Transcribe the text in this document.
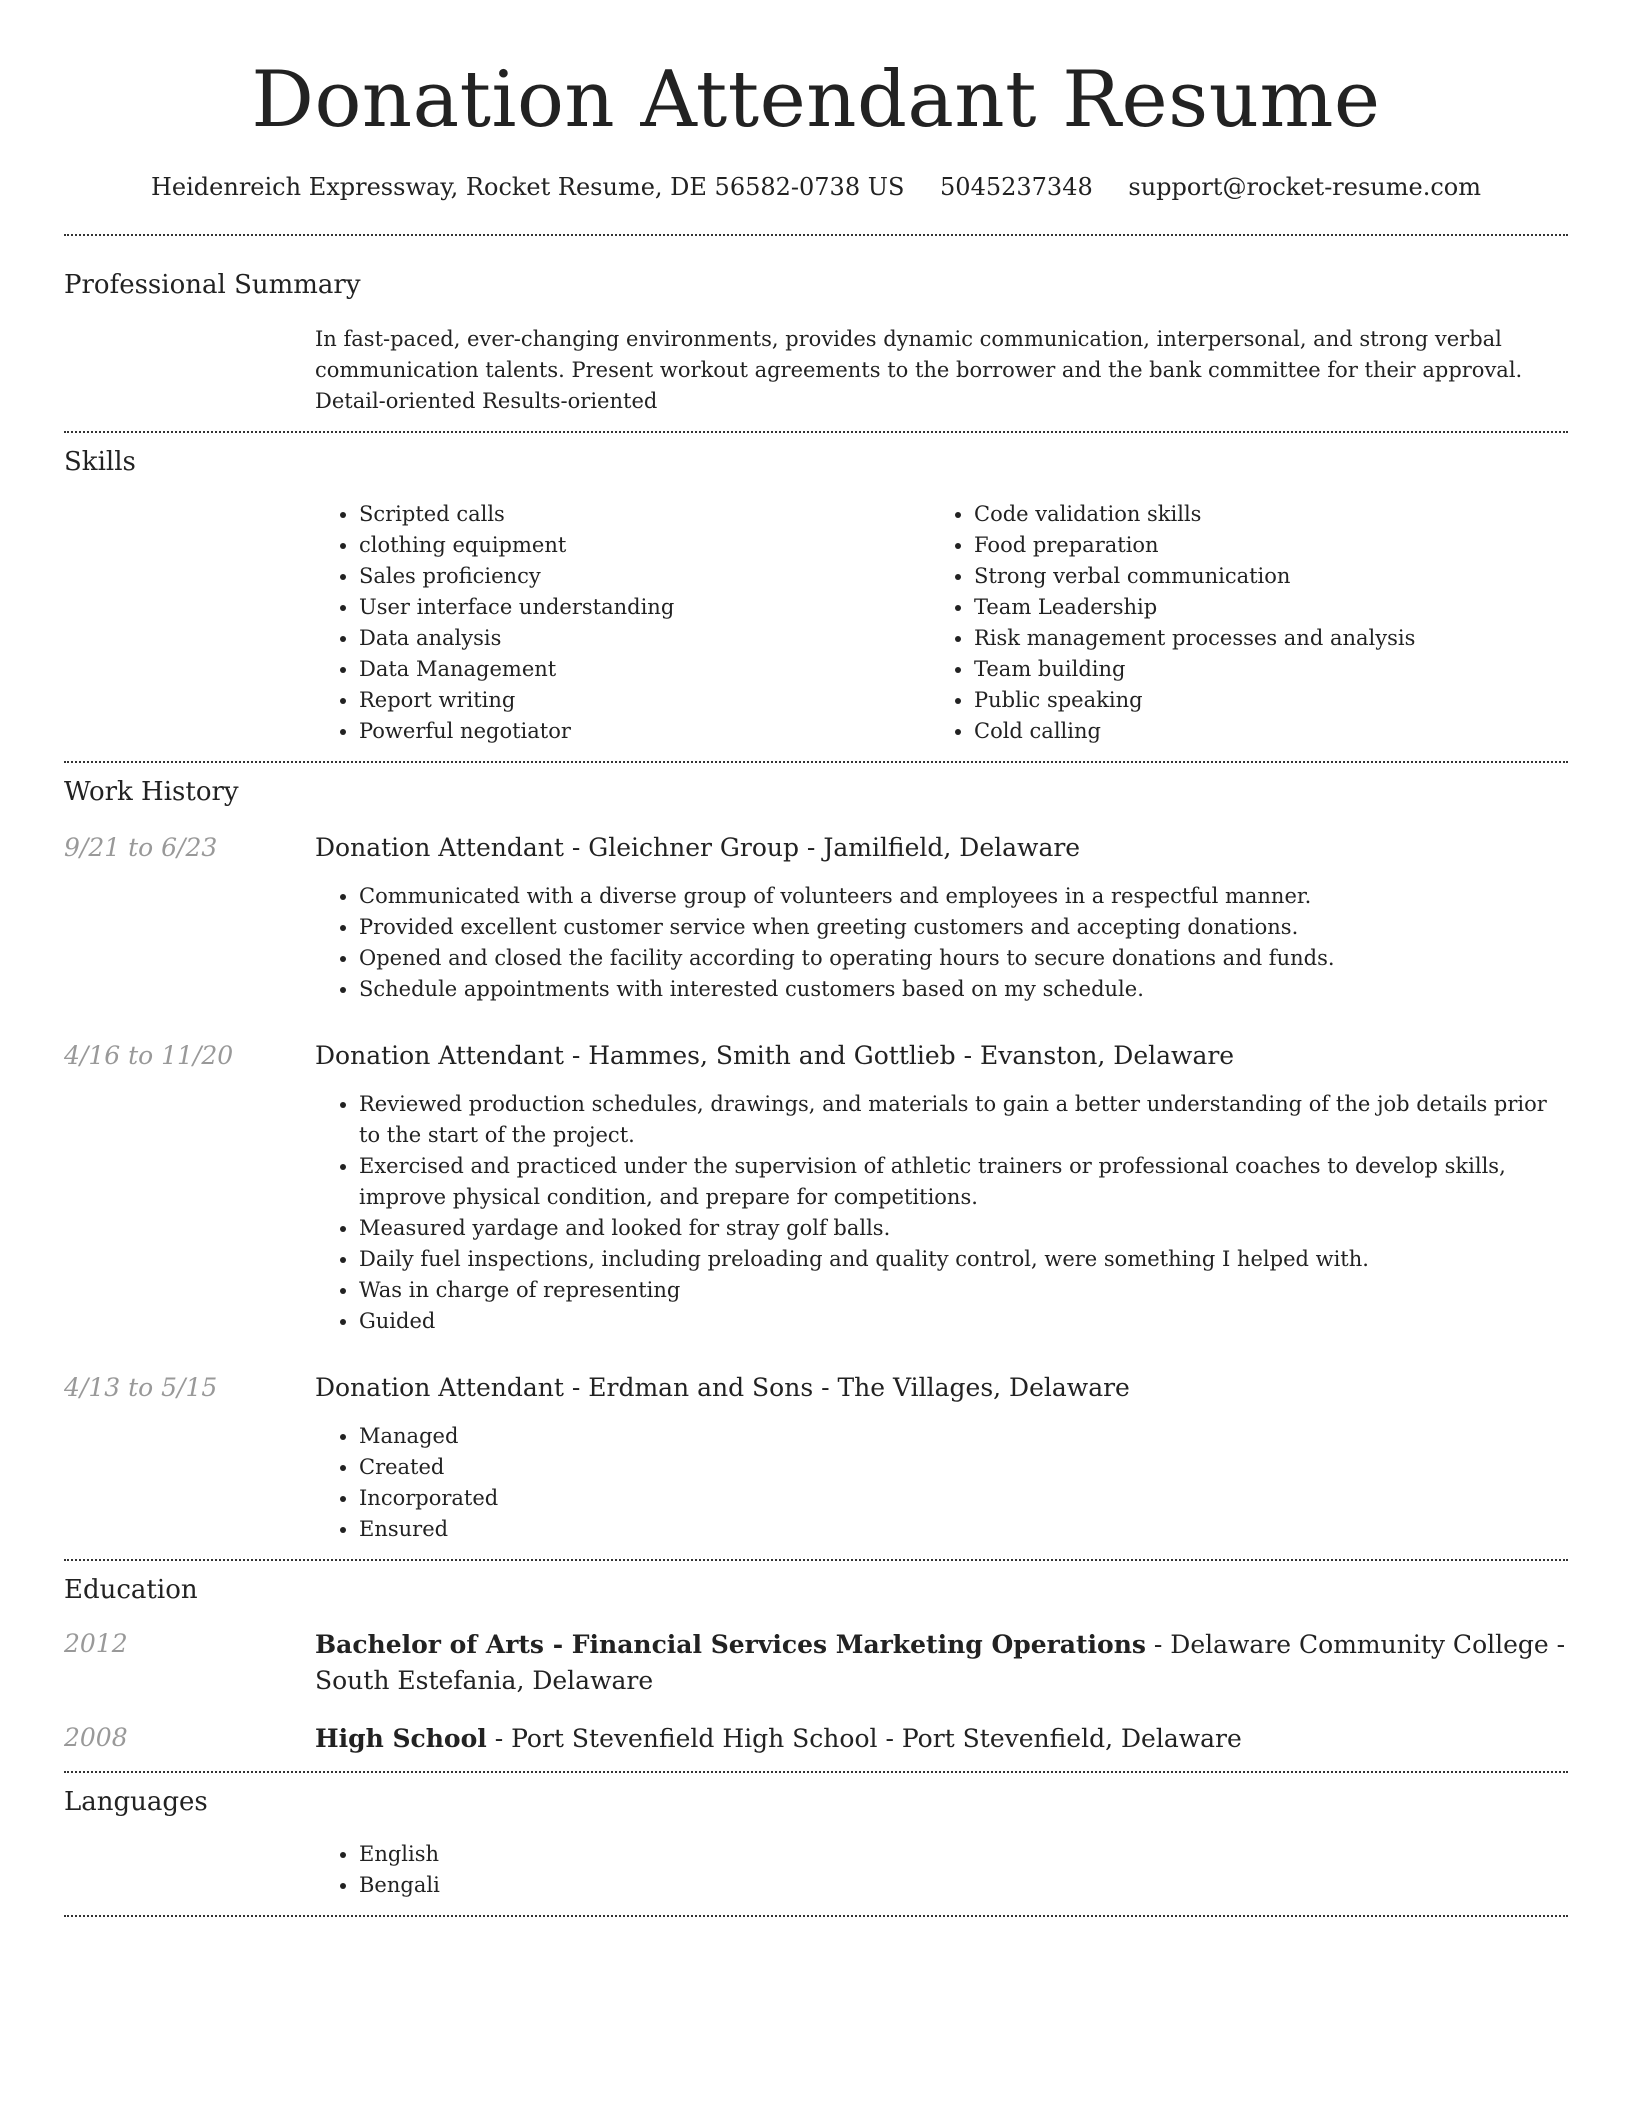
Donation Attendant Resume
Heidenreich Expressway, Rocket Resume, DE 56582-0738 US 5045237348 support@rocket-resume.com
Professional Summary
In fast-paced, ever-changing environments, provides dynamic communication, interpersonal, and strong verbal communication talents. Present workout agreements to the borrower and the bank committee for their approval. Detail-oriented Results-oriented
Skills
• Scripted calls
• clothing equipment
• Sales proficiency
• User interface understanding
• Data analysis
• Data Management
• Report writing
• Powerful negotiator
• Code validation skills
• Food preparation
• Strong verbal communication
• Team Leadership
• Risk management processes and analysis
• Team building
• Public speaking
• Cold calling
Work History
9/21 to 6/23	Donation Attendant - Gleichner Group - Jamilfield, Delaware
• Communicated with a diverse group of volunteers and employees in a respectful manner.
• Provided excellent customer service when greeting customers and accepting donations.
• Opened and closed the facility according to operating hours to secure donations and funds.
• Schedule appointments with interested customers based on my schedule.
4/16 to 11/20	Donation Attendant - Hammes, Smith and Gottlieb - Evanston, Delaware
• Reviewed production schedules, drawings, and materials to gain a better understanding of the job details prior to the start of the project.
• Exercised and practiced under the supervision of athletic trainers or professional coaches to develop skills, improve physical condition, and prepare for competitions.
• Measured yardage and looked for stray golf balls.
• Daily fuel inspections, including preloading and quality control, were something I helped with.
• Was in charge of representing
• Guided
4/13 to 5/15	Donation Attendant - Erdman and Sons - The Villages, Delaware
• Managed
• Created
• Incorporated
• Ensured
Education
2012	Bachelor of Arts - Financial Services Marketing Operations - Delaware Community College - South Estefania, Delaware
2008	High School - Port Stevenfield High School - Port Stevenfield, Delaware
Languages
• English
• Bengali
